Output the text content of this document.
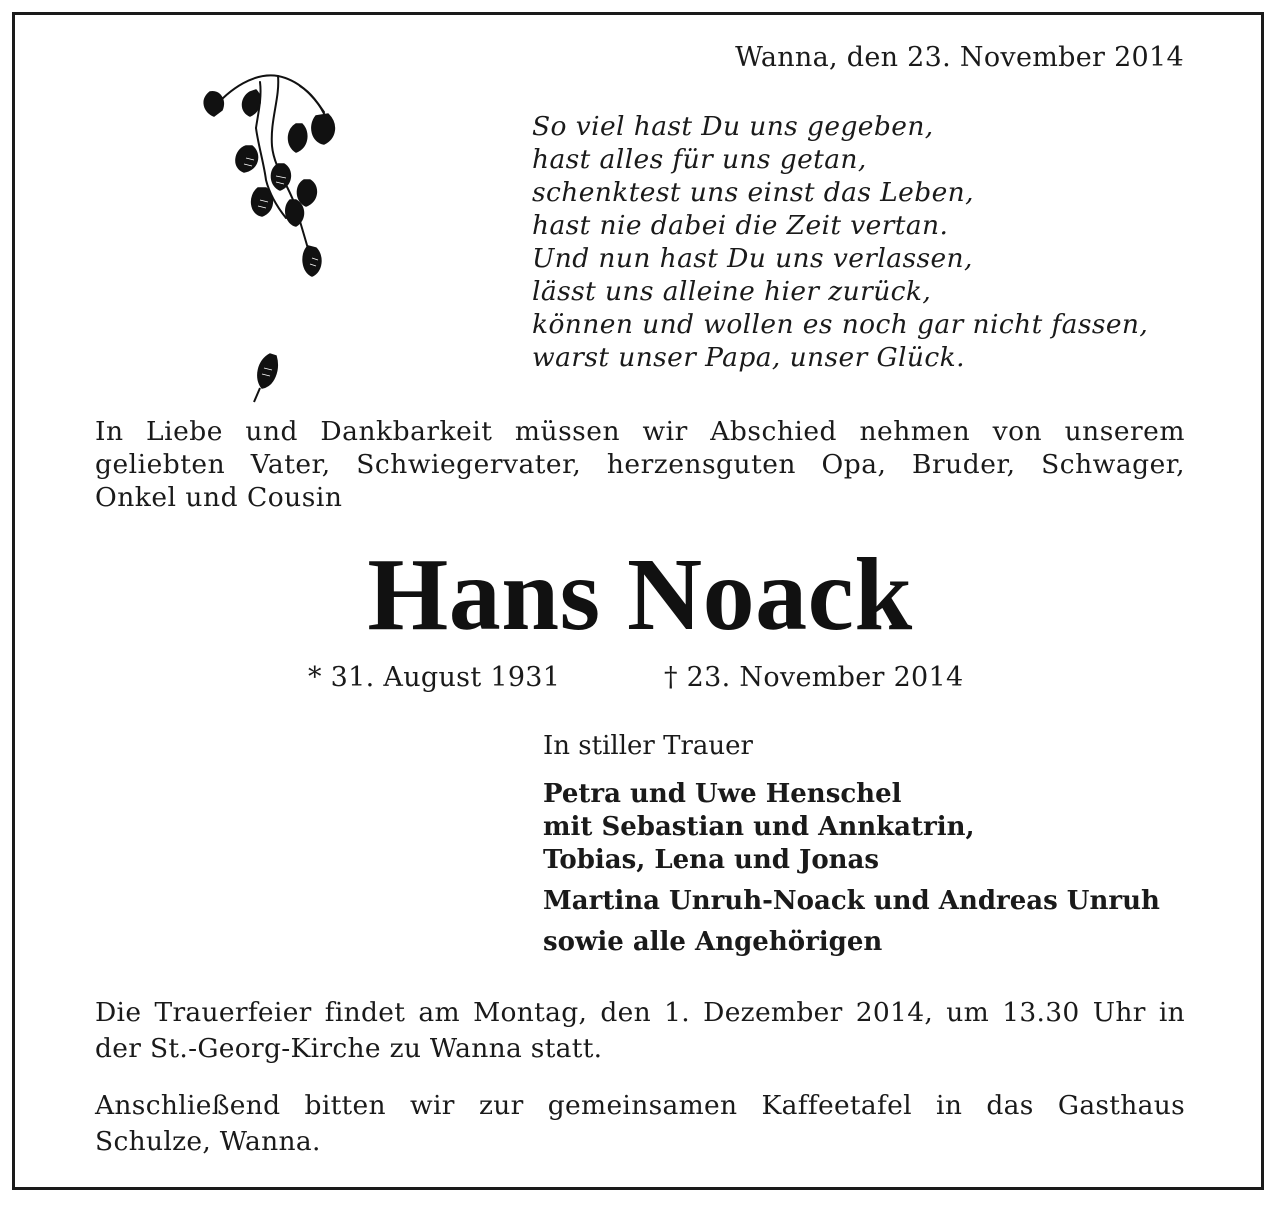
Wanna, den 23. November 2014
So viel hast Du uns gegeben,
hast alles für uns getan,
schenktest uns einst das Leben,
hast nie dabei die Zeit vertan.
Und nun hast Du uns verlassen,
lässt uns alleine hier zurück,
können und wollen es noch gar nicht fassen,
warst unser Papa, unser Glück.
In Liebe und Dankbarkeit müssen wir Abschied nehmen von unserem
geliebten Vater, Schwiegervater, herzensguten Opa, Bruder, Schwager,
Onkel und Cousin
Hans Noack
* 31. August 1931	† 23. November 2014
In stiller Trauer
Petra und Uwe Henschel
mit Sebastian und Annkatrin,
Tobias, Lena und Jonas
Martina Unruh-Noack und Andreas Unruh
sowie alle Angehörigen
Die Trauerfeier findet am Montag, den 1. Dezember 2014, um 13.30 Uhr in
der St.-Georg-Kirche zu Wanna statt.
Anschließend bitten wir zur gemeinsamen Kaffeetafel in das Gasthaus
Schulze, Wanna.
